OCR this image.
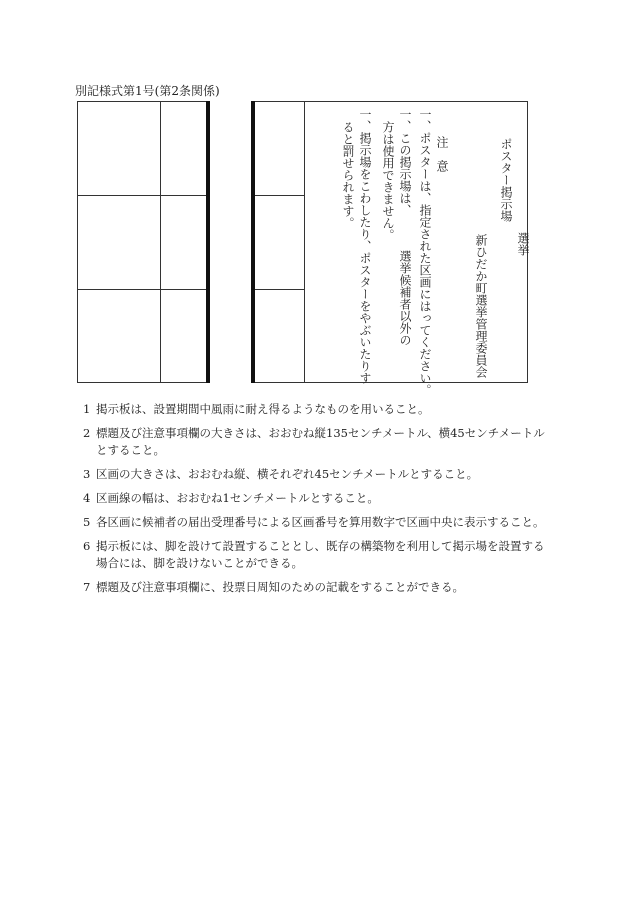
別記様式第1号(第2条関係)
選挙
ポスター掲示場
新ひだか町選挙管理委員会
注　意
一、ポスターは、指定された区画にはってください。
一、この掲示場は、
選挙候補者以外の
方は使用できません。
一、掲示場をこわしたり、ポスターをやぶいたりす
ると罰せられます。
1 掲示板は、設置期間中風雨に耐え得るようなものを用いること。
2 標題及び注意事項欄の大きさは、おおむね縦135センチメートル、横45センチメートルとすること。
3 区画の大きさは、おおむね縦、横それぞれ45センチメートルとすること。
4 区画線の幅は、おおむね1センチメートルとすること。
5 各区画に候補者の届出受理番号による区画番号を算用数字で区画中央に表示すること。
6 掲示板には、脚を設けて設置することとし、既存の構築物を利用して掲示場を設置する場合には、脚を設けないことができる。
7 標題及び注意事項欄に、投票日周知のための記載をすることができる。
